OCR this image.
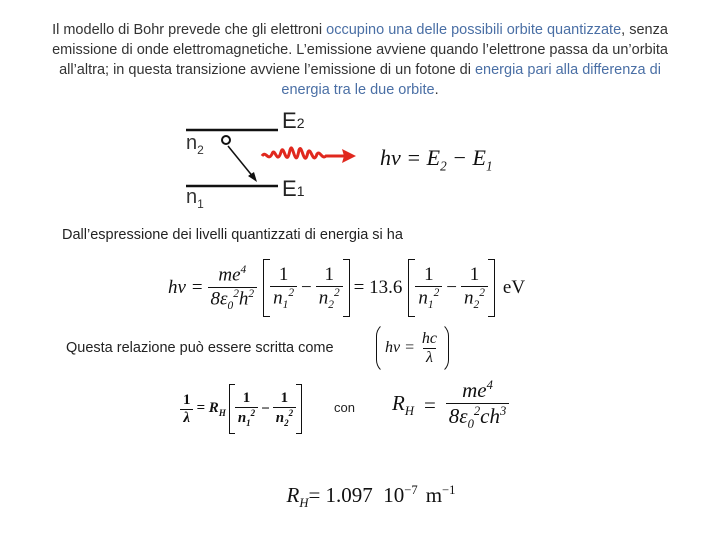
Il modello di Bohr prevede che gli elettroni occupino una delle possibili orbite quantizzate, senza emissione di onde elettromagnetiche. L’emissione avviene quando l’elettrone passa da un’orbita all’altra; in questa transizione avviene l’emissione di un fotone di energia pari alla differenza di energia tra le due orbite.
E2
E1
$n_2$
$n_1$
$h\nu = E_2 - E_1$
Dall’espressione dei livelli quantizzati di energia si ha
$h\nu = \frac{me^4}{8\varepsilon_0^2h^2} \frac{1}{n_1^2} - \frac{1}{n_2^2} = 13.6 \frac{1}{n_1^2} - \frac{1}{n_2^2}$ eV
Questa relazione può essere scritta come	$h\nu = \frac{hc}{\lambda}$
$\frac{1}{\lambda} = R_H \frac{1}{n_1^2} - \frac{1}{n_2^2}$	con $R_H = \frac{me^4}{8\varepsilon_0^2ch^3}$

$R_H= 1.097$  $10^{-7}$ $m^{-1}$
